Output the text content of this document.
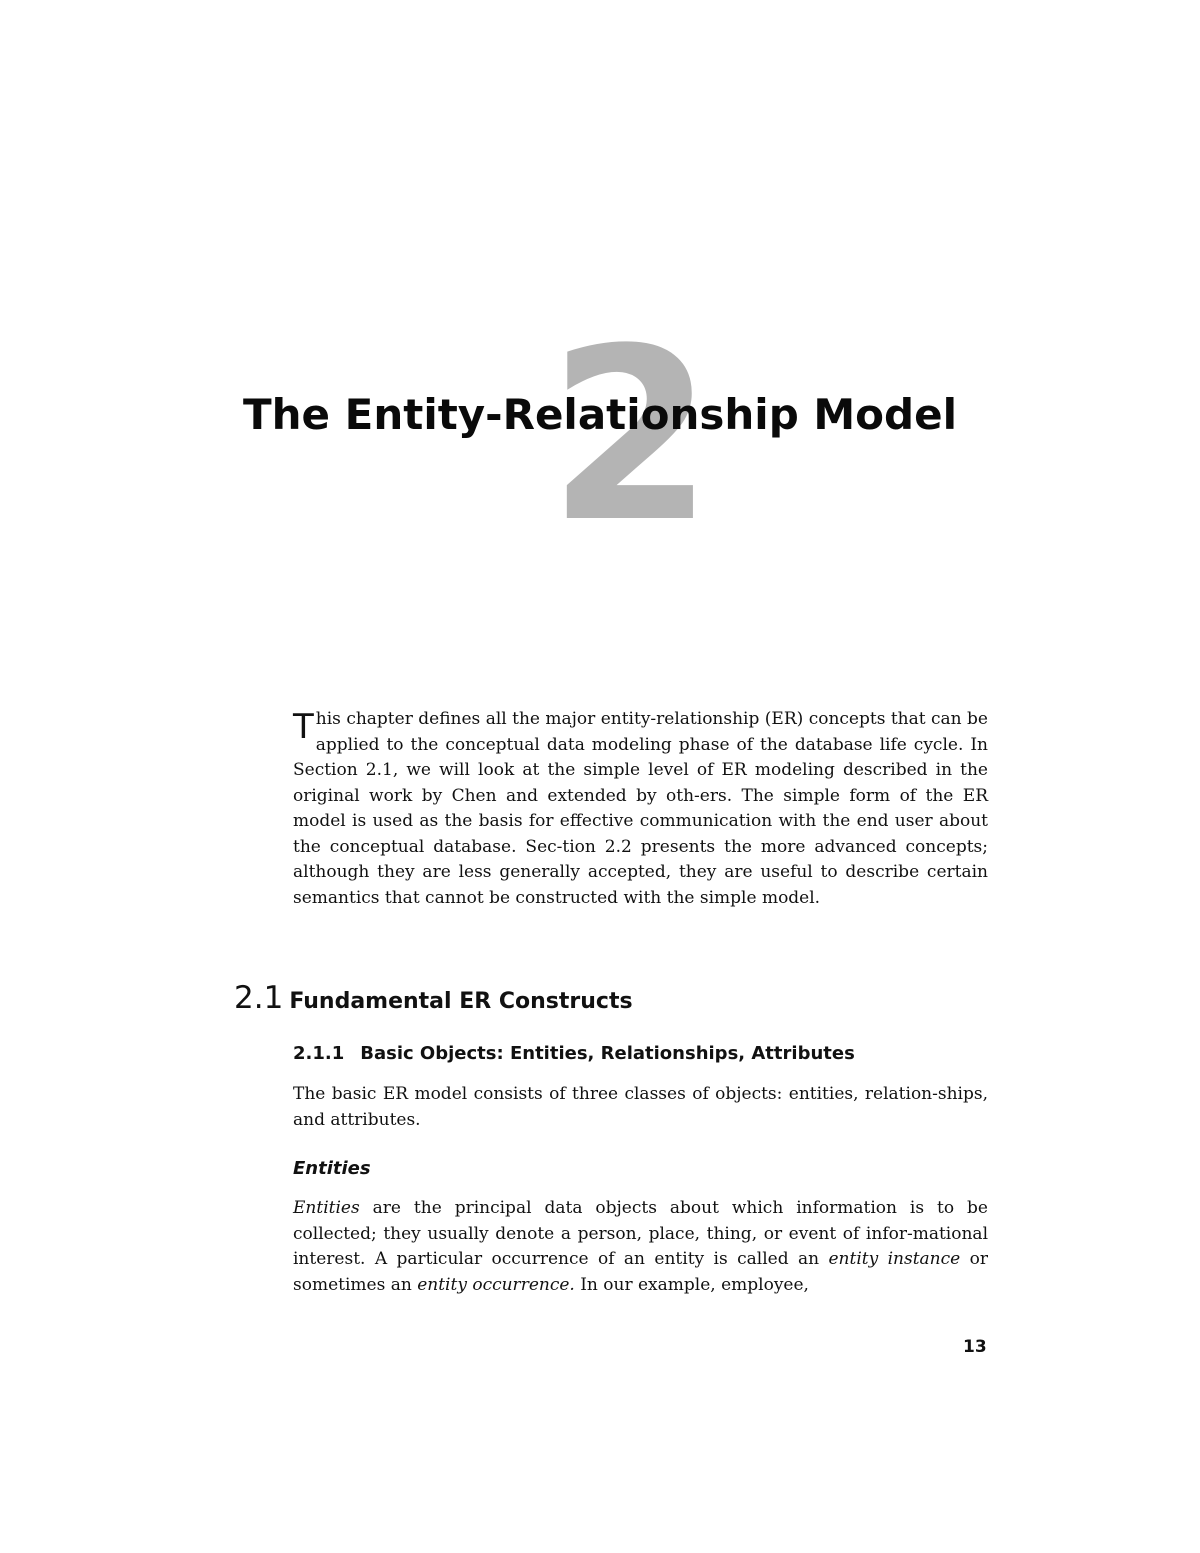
2
The Entity-Relationship Model

This chapter defines all the major entity-relationship (ER) concepts that can be applied to the conceptual data modeling phase of the database life cycle. In Section 2.1, we will look at the simple level of ER modeling described in the original work by Chen and extended by oth-ers. The simple form of the ER model is used as the basis for effective communication with the end user about the conceptual database. Sec-tion 2.2 presents the more advanced concepts; although they are less generally accepted, they are useful to describe certain semantics that cannot be constructed with the simple model.

2.1 Fundamental ER Constructs
2.1.1 Basic Objects: Entities, Relationships, Attributes

The basic ER model consists of three classes of objects: entities, relation-ships, and attributes.

Entities

Entities are the principal data objects about which information is to be collected; they usually denote a person, place, thing, or event of infor-mational interest. A particular occurrence of an entity is called an entity instance or sometimes an entity occurrence. In our example, employee,

13
